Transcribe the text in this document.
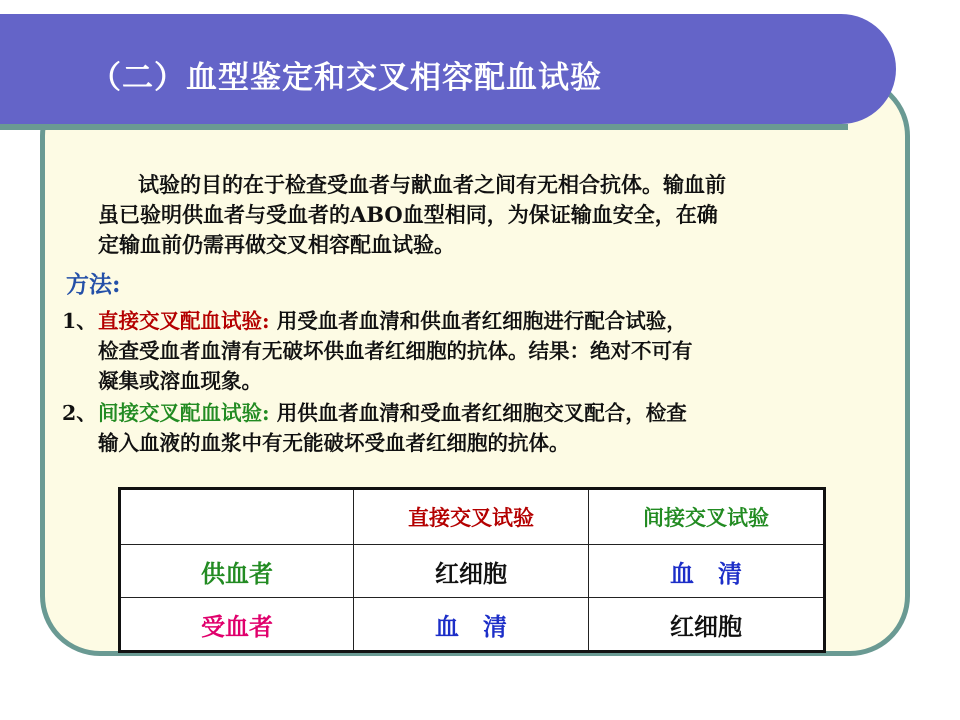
（二）血型鉴定和交叉相容配血试验
试验的目的在于检查受血者与献血者之间有无相合抗体。输血前
虽已验明供血者与受血者的ABO血型相同，为保证输血安全，在确
定输血前仍需再做交叉相容配血试验。
方法:
1、 直接交叉配血试验: 用受血者血清和供血者红细胞进行配合试验，
检查受血者血清有无破坏供血者红细胞的抗体。结果：绝对不可有
凝集或溶血现象。
2、 间接交叉配血试验: 用供血者血清和受血者红细胞交叉配合，检查
输入血液的血浆中有无能破坏受血者红细胞的抗体。
	直接交叉试验	间接交叉试验
供血者	红细胞	血　清
受血者	血　清	红细胞
